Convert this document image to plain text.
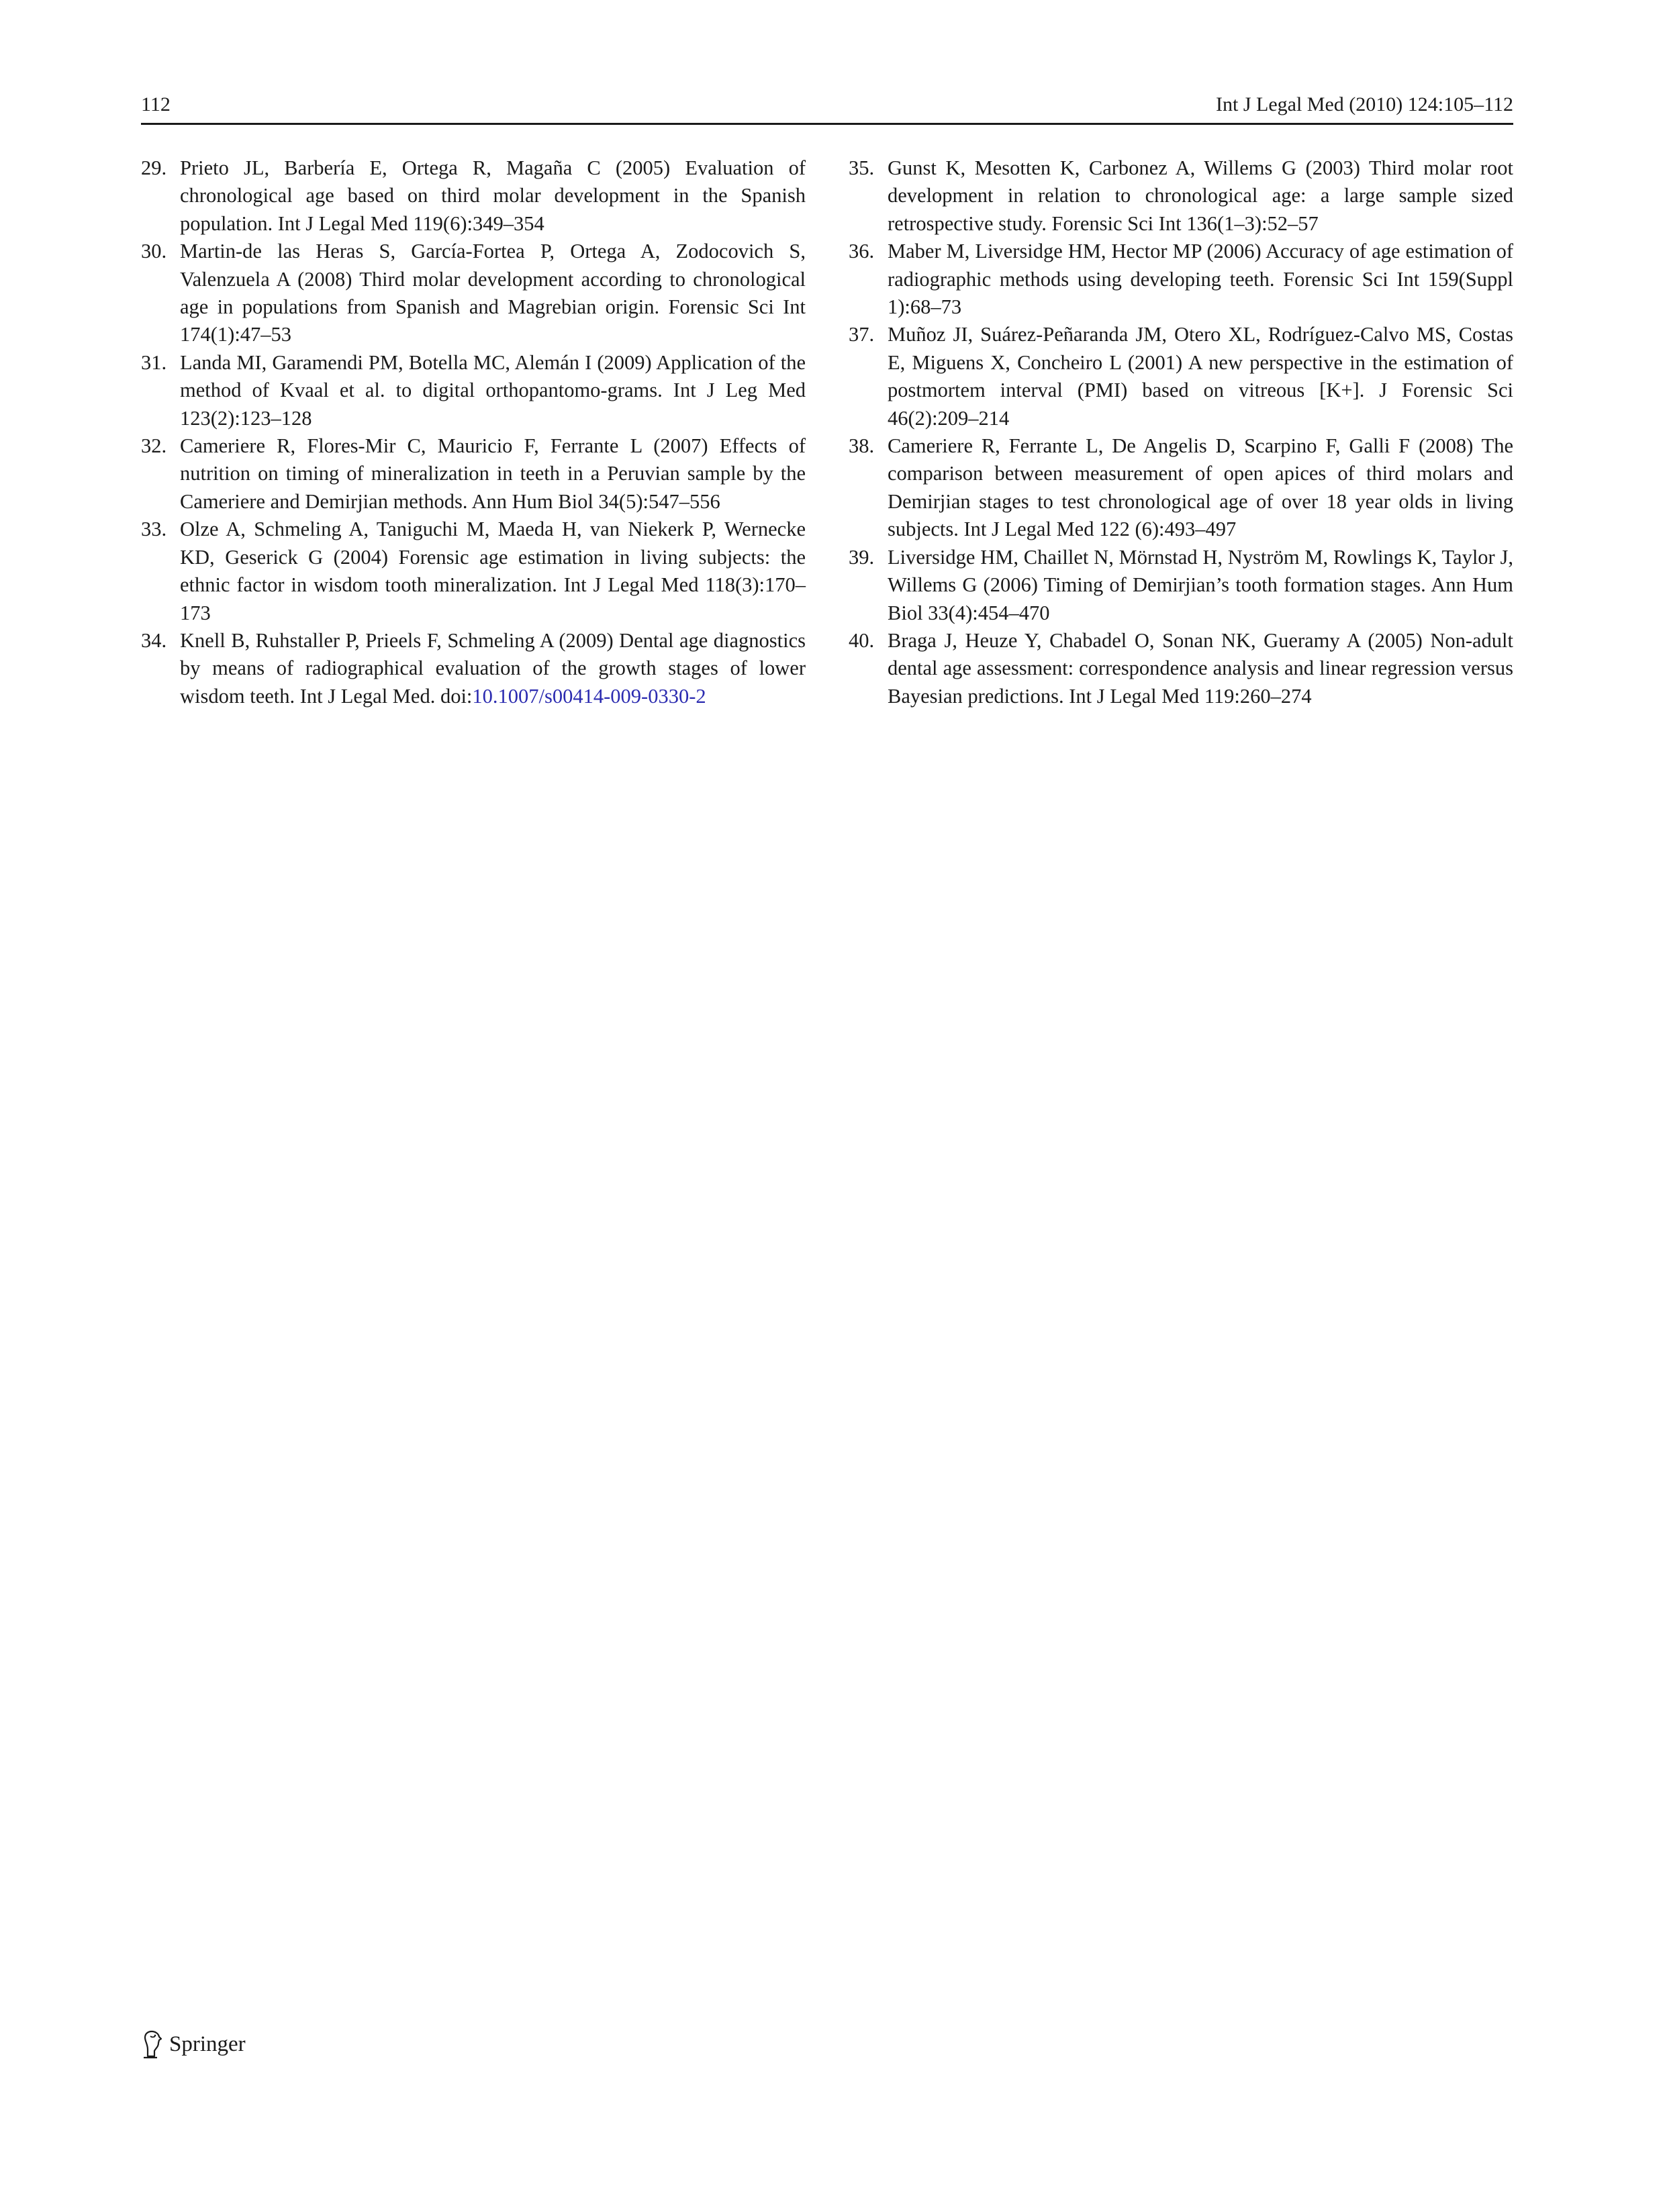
112	Int J Legal Med (2010) 124:105–112
29. Prieto JL, Barbería E, Ortega R, Magaña C (2005) Evaluation of chronological age based on third molar development in the Spanish population. Int J Legal Med 119(6):349–354
30. Martin-de las Heras S, García-Fortea P, Ortega A, Zodocovich S, Valenzuela A (2008) Third molar development according to chronological age in populations from Spanish and Magrebian origin. Forensic Sci Int 174(1):47–53
31. Landa MI, Garamendi PM, Botella MC, Alemán I (2009) Application of the method of Kvaal et al. to digital orthopantomo-grams. Int J Leg Med 123(2):123–128
32. Cameriere R, Flores-Mir C, Mauricio F, Ferrante L (2007) Effects of nutrition on timing of mineralization in teeth in a Peruvian sample by the Cameriere and Demirjian methods. Ann Hum Biol 34(5):547–556
33. Olze A, Schmeling A, Taniguchi M, Maeda H, van Niekerk P, Wernecke KD, Geserick G (2004) Forensic age estimation in living subjects: the ethnic factor in wisdom tooth mineralization. Int J Legal Med 118(3):170–173
34. Knell B, Ruhstaller P, Prieels F, Schmeling A (2009) Dental age diagnostics by means of radiographical evaluation of the growth stages of lower wisdom teeth. Int J Legal Med. doi:10.1007/s00414-009-0330-2
35. Gunst K, Mesotten K, Carbonez A, Willems G (2003) Third molar root development in relation to chronological age: a large sample sized retrospective study. Forensic Sci Int 136(1–3):52–57
36. Maber M, Liversidge HM, Hector MP (2006) Accuracy of age estimation of radiographic methods using developing teeth. Forensic Sci Int 159(Suppl 1):68–73
37. Muñoz JI, Suárez-Peñaranda JM, Otero XL, Rodríguez-Calvo MS, Costas E, Miguens X, Concheiro L (2001) A new perspective in the estimation of postmortem interval (PMI) based on vitreous [K+]. J Forensic Sci 46(2):209–214
38. Cameriere R, Ferrante L, De Angelis D, Scarpino F, Galli F (2008) The comparison between measurement of open apices of third molars and Demirjian stages to test chronological age of over 18 year olds in living subjects. Int J Legal Med 122 (6):493–497
39. Liversidge HM, Chaillet N, Mörnstad H, Nyström M, Rowlings K, Taylor J, Willems G (2006) Timing of Demirjian’s tooth formation stages. Ann Hum Biol 33(4):454–470
40. Braga J, Heuze Y, Chabadel O, Sonan NK, Gueramy A (2005) Non-adult dental age assessment: correspondence analysis and linear regression versus Bayesian predictions. Int J Legal Med 119:260–274
Springer
